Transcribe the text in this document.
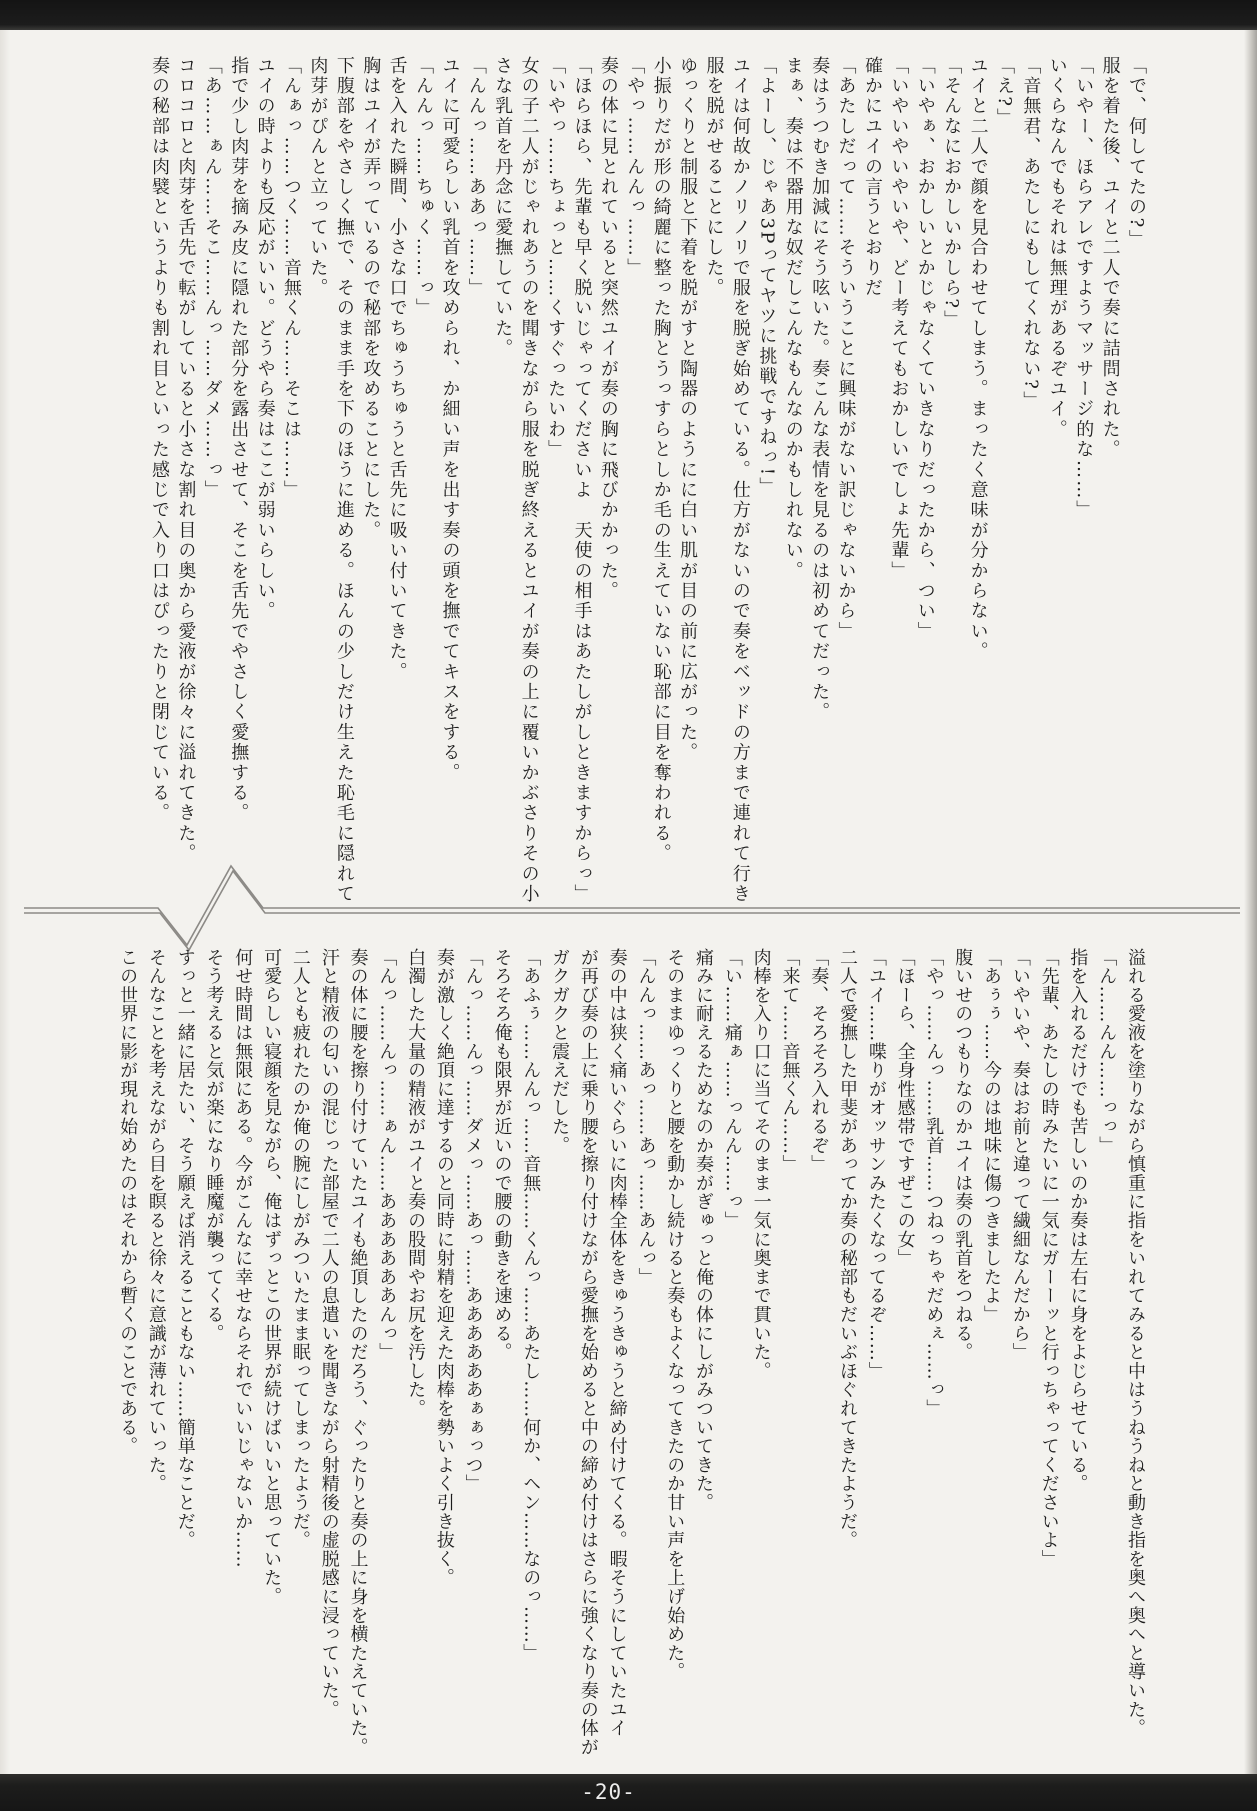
「で、何してたの?」

服を着た後、ユイと二人で奏に詰問された。

「いやー、ほらアレですようマッサージ的な……」

いくらなんでもそれは無理があるぞユイ。

「音無君、あたしにもしてくれない?」

「え?」

ユイと二人で顔を見合わせてしまう。まったく意味が分からない。

「そんなにおかしいかしら?」

「いやぁ、おかしいとかじゃなくていきなりだったから、つい」

「いやいやいやいや、どー考えてもおかしいでしょ先輩」

確かにユイの言うとおりだ

「あたしだって……そういうことに興味がない訳じゃないから」

奏はうつむき加減にそう呟いた。奏こんな表情を見るのは初めてだった。

まぁ、奏は不器用な奴だしこんなもんなのかもしれない。

「よーし、じゃあ3Pってヤツに挑戦ですねっ!」

ユイは何故かノリノリで服を脱ぎ始めている。仕方がないので奏をベッドの方まで連れて行き

服を脱がせることにした。

ゆっくりと制服と下着を脱がすと陶器のようにに白い肌が目の前に広がった。

小振りだが形の綺麗に整った胸とうっすらとしか毛の生えていない恥部に目を奪われる。

「やっ……んんっ……」

奏の体に見とれていると突然ユイが奏の胸に飛びかかった。

「ほらほら、先輩も早く脱いじゃってくださいよ　天使の相手はあたしがしときますからっ」

「いやっ……ちょっと……くすぐったいわ」

女の子二人がじゃれあうのを聞きながら服を脱ぎ終えるとユイが奏の上に覆いかぶさりその小

さな乳首を丹念に愛撫していた。

「んんっ……ああっ……」

ユイに可愛らしい乳首を攻められ、か細い声を出す奏の頭を撫でてキスをする。

「んんっ……ちゅく……っ」

舌を入れた瞬間、小さな口でちゅうちゅうと舌先に吸い付いてきた。

胸はユイが弄っているので秘部を攻めることにした。

下腹部をやさしく撫で、そのまま手を下のほうに進める。ほんの少しだけ生えた恥毛に隠れて

肉芽がぴんと立っていた。

「んぁっ……つく……音無くん……そこは……」

ユイの時よりも反応がいい。どうやら奏はここが弱いらしい。

指で少し肉芽を摘み皮に隠れた部分を露出させて、そこを舌先でやさしく愛撫する。

「あ……ぁん……そこ……んっ……ダメ……っ」

コロコロと肉芽を舌先で転がしていると小さな割れ目の奥から愛液が徐々に溢れてきた。

奏の秘部は肉襞というよりも割れ目といった感じで入り口はぴったりと閉じている。

溢れる愛液を塗りながら慎重に指をいれてみると中はうねうねと動き指を奥へ奥へと導いた。

「ん……んん……っっ」

指を入れるだけでも苦しいのか奏は左右に身をよじらせている。

「先輩、あたしの時みたいに一気にガーーッと行っちゃってくださいよ」

「いやいや、奏はお前と違って繊細なんだから」

「あぅぅ……今のは地味に傷つきましたよ」

腹いせのつもりなのかユイは奏の乳首をつねる。

「やっ……んっ……乳首……つねっちゃだめぇ……っ」

「ほーら、全身性感帯ですぜこの女」

「ユイ……喋りがオッサンみたくなってるぞ……」

二人で愛撫した甲斐があってか奏の秘部もだいぶほぐれてきたようだ。

「奏、そろそろ入れるぞ」

「来て……音無くん……」

肉棒を入り口に当てそのまま一気に奥まで貫いた。

「い……痛ぁ……っんん……っ」

痛みに耐えるためなのか奏がぎゅっと俺の体にしがみついてきた。

そのままゆっくりと腰を動かし続けると奏もよくなってきたのか甘い声を上げ始めた。

「んんっ……あっ……あっ……あんっ」

奏の中は狭く痛いぐらいに肉棒全体をきゅうきゅうと締め付けてくる。暇そうにしていたユイ

が再び奏の上に乗り腰を擦り付けながら愛撫を始めると中の締め付けはさらに強くなり奏の体が

ガクガクと震えだした。

「あふぅ……んんっ……音無……くんっ……あたし……何か、ヘン……なのっ……」

そろそろ俺も限界が近いので腰の動きを速める。

「んっ……んっ……ダメっ……あっ……ああああああぁぁっつ」

奏が激しく絶頂に達するのと同時に射精を迎えた肉棒を勢いよく引き抜く。

白濁した大量の精液がユイと奏の股間やお尻を汚した。

「んっ……んっ……ぁん……ああああああんっ」

奏の体に腰を擦り付けていたユイも絶頂したのだろう、ぐったりと奏の上に身を横たえていた。

汗と精液の匂いの混じった部屋で二人の息遣いを聞きながら射精後の虚脱感に浸っていた。

二人とも疲れたのか俺の腕にしがみついたまま眠ってしまったようだ。

可愛らしい寝顔を見ながら、俺はずっとこの世界が続けばいいと思っていた。

何せ時間は無限にある。今がこんなに幸せならそれでいいじゃないか……

そう考えると気が楽になり睡魔が襲ってくる。

すっと一緒に居たい、そう願えば消えることもない……簡単なことだ。

そんなことを考えながら目を瞑ると徐々に意識が薄れていった。

この世界に影が現れ始めたのはそれから暫くのことである。

-20-
